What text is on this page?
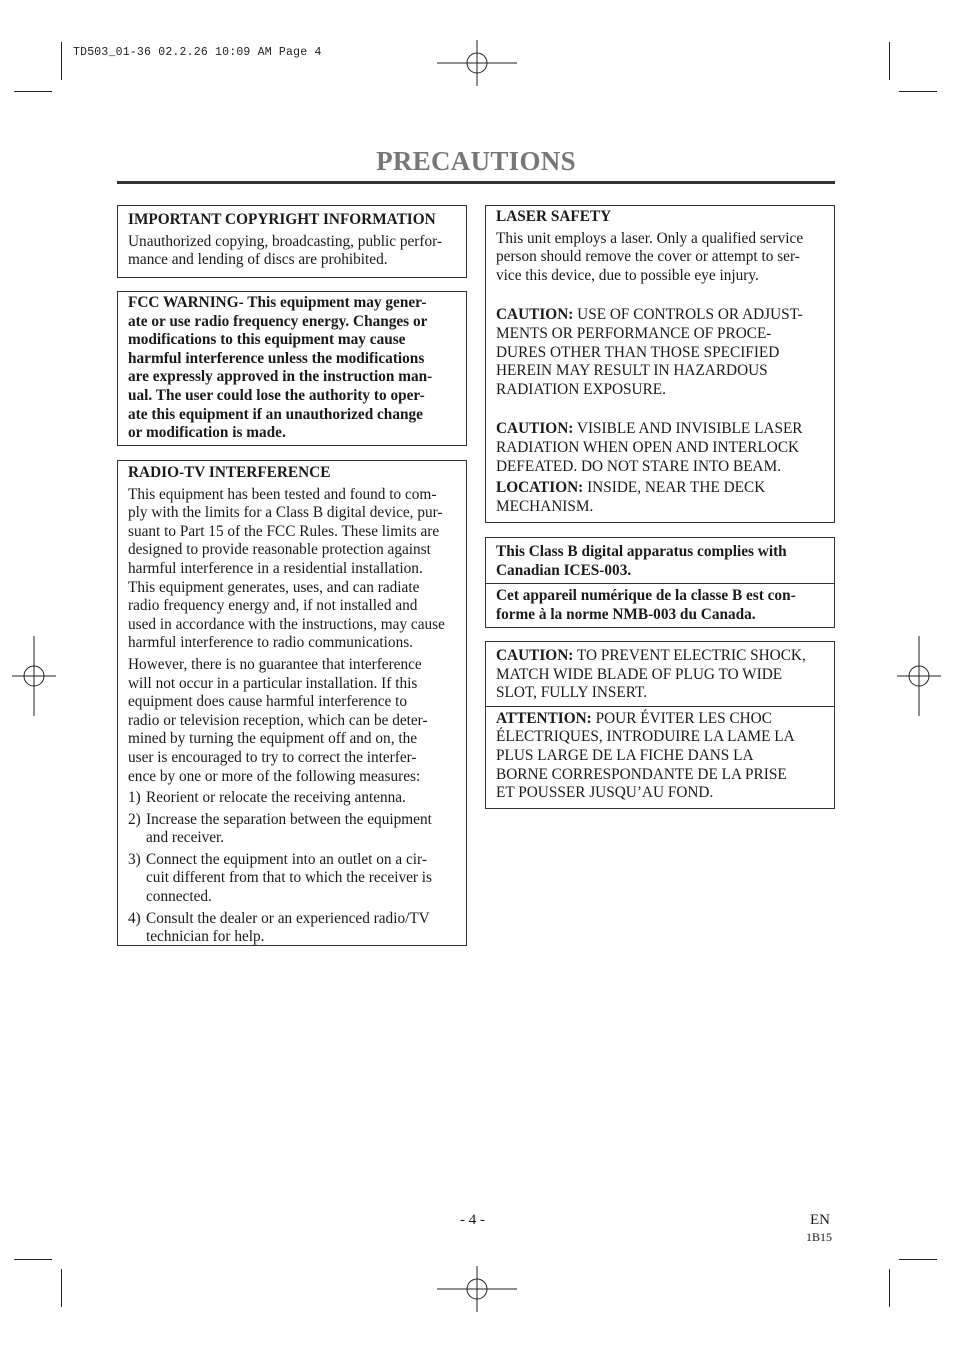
TD503_01-36 02.2.26 10:09 AM Page 4
PRECAUTIONS

IMPORTANT COPYRIGHT INFORMATION

Unauthorized copying, broadcasting, public perfor-

mance and lending of discs are prohibited.

FCC WARNING- This equipment may gener-

ate or use radio frequency energy. Changes or

modifications to this equipment may cause

harmful interference unless the modifications

are expressly approved in the instruction man-

ual. The user could lose the authority to oper-

ate this equipment if an unauthorized change

or modification is made.

RADIO-TV INTERFERENCE

This equipment has been tested and found to com-

ply with the limits for a Class B digital device, pur-

suant to Part 15 of the FCC Rules. These limits are

designed to provide reasonable protection against

harmful interference in a residential installation.

This equipment generates, uses, and can radiate

radio frequency energy and, if not installed and

used in accordance with the instructions, may cause

harmful interference to radio communications.

However, there is no guarantee that interference

will not occur in a particular installation. If this

equipment does cause harmful interference to

radio or television reception, which can be deter-

mined by turning the equipment off and on, the

user is encouraged to try to correct the interfer-

ence by one or more of the following measures:

1) Reorient or relocate the receiving antenna.

2) Increase the separation between the equipment

and receiver.

3) Connect the equipment into an outlet on a cir-

cuit different from that to which the receiver is

connected.

4) Consult the dealer or an experienced radio/TV

technician for help.

LASER SAFETY

This unit employs a laser. Only a qualified service

person should remove the cover or attempt to ser-

vice this device, due to possible eye injury.

CAUTION: USE OF CONTROLS OR ADJUST-

MENTS OR PERFORMANCE OF PROCE-

DURES OTHER THAN THOSE SPECIFIED

HEREIN MAY RESULT IN HAZARDOUS

RADIATION EXPOSURE.

CAUTION: VISIBLE AND INVISIBLE LASER

RADIATION WHEN OPEN AND INTERLOCK

DEFEATED. DO NOT STARE INTO BEAM.

LOCATION: INSIDE, NEAR THE DECK

MECHANISM.

This Class B digital apparatus complies with

Canadian ICES-003.

Cet appareil numérique de la classe B est con-

forme à la norme NMB-003 du Canada.

CAUTION: TO PREVENT ELECTRIC SHOCK,

MATCH WIDE BLADE OF PLUG TO WIDE

SLOT, FULLY INSERT.

ATTENTION: POUR ÉVITER LES CHOC

ÉLECTRIQUES, INTRODUIRE LA LAME LA

PLUS LARGE DE LA FICHE DANS LA

BORNE CORRESPONDANTE DE LA PRISE

ET POUSSER JUSQU’AU FOND.

- 4 -	EN
1B15
